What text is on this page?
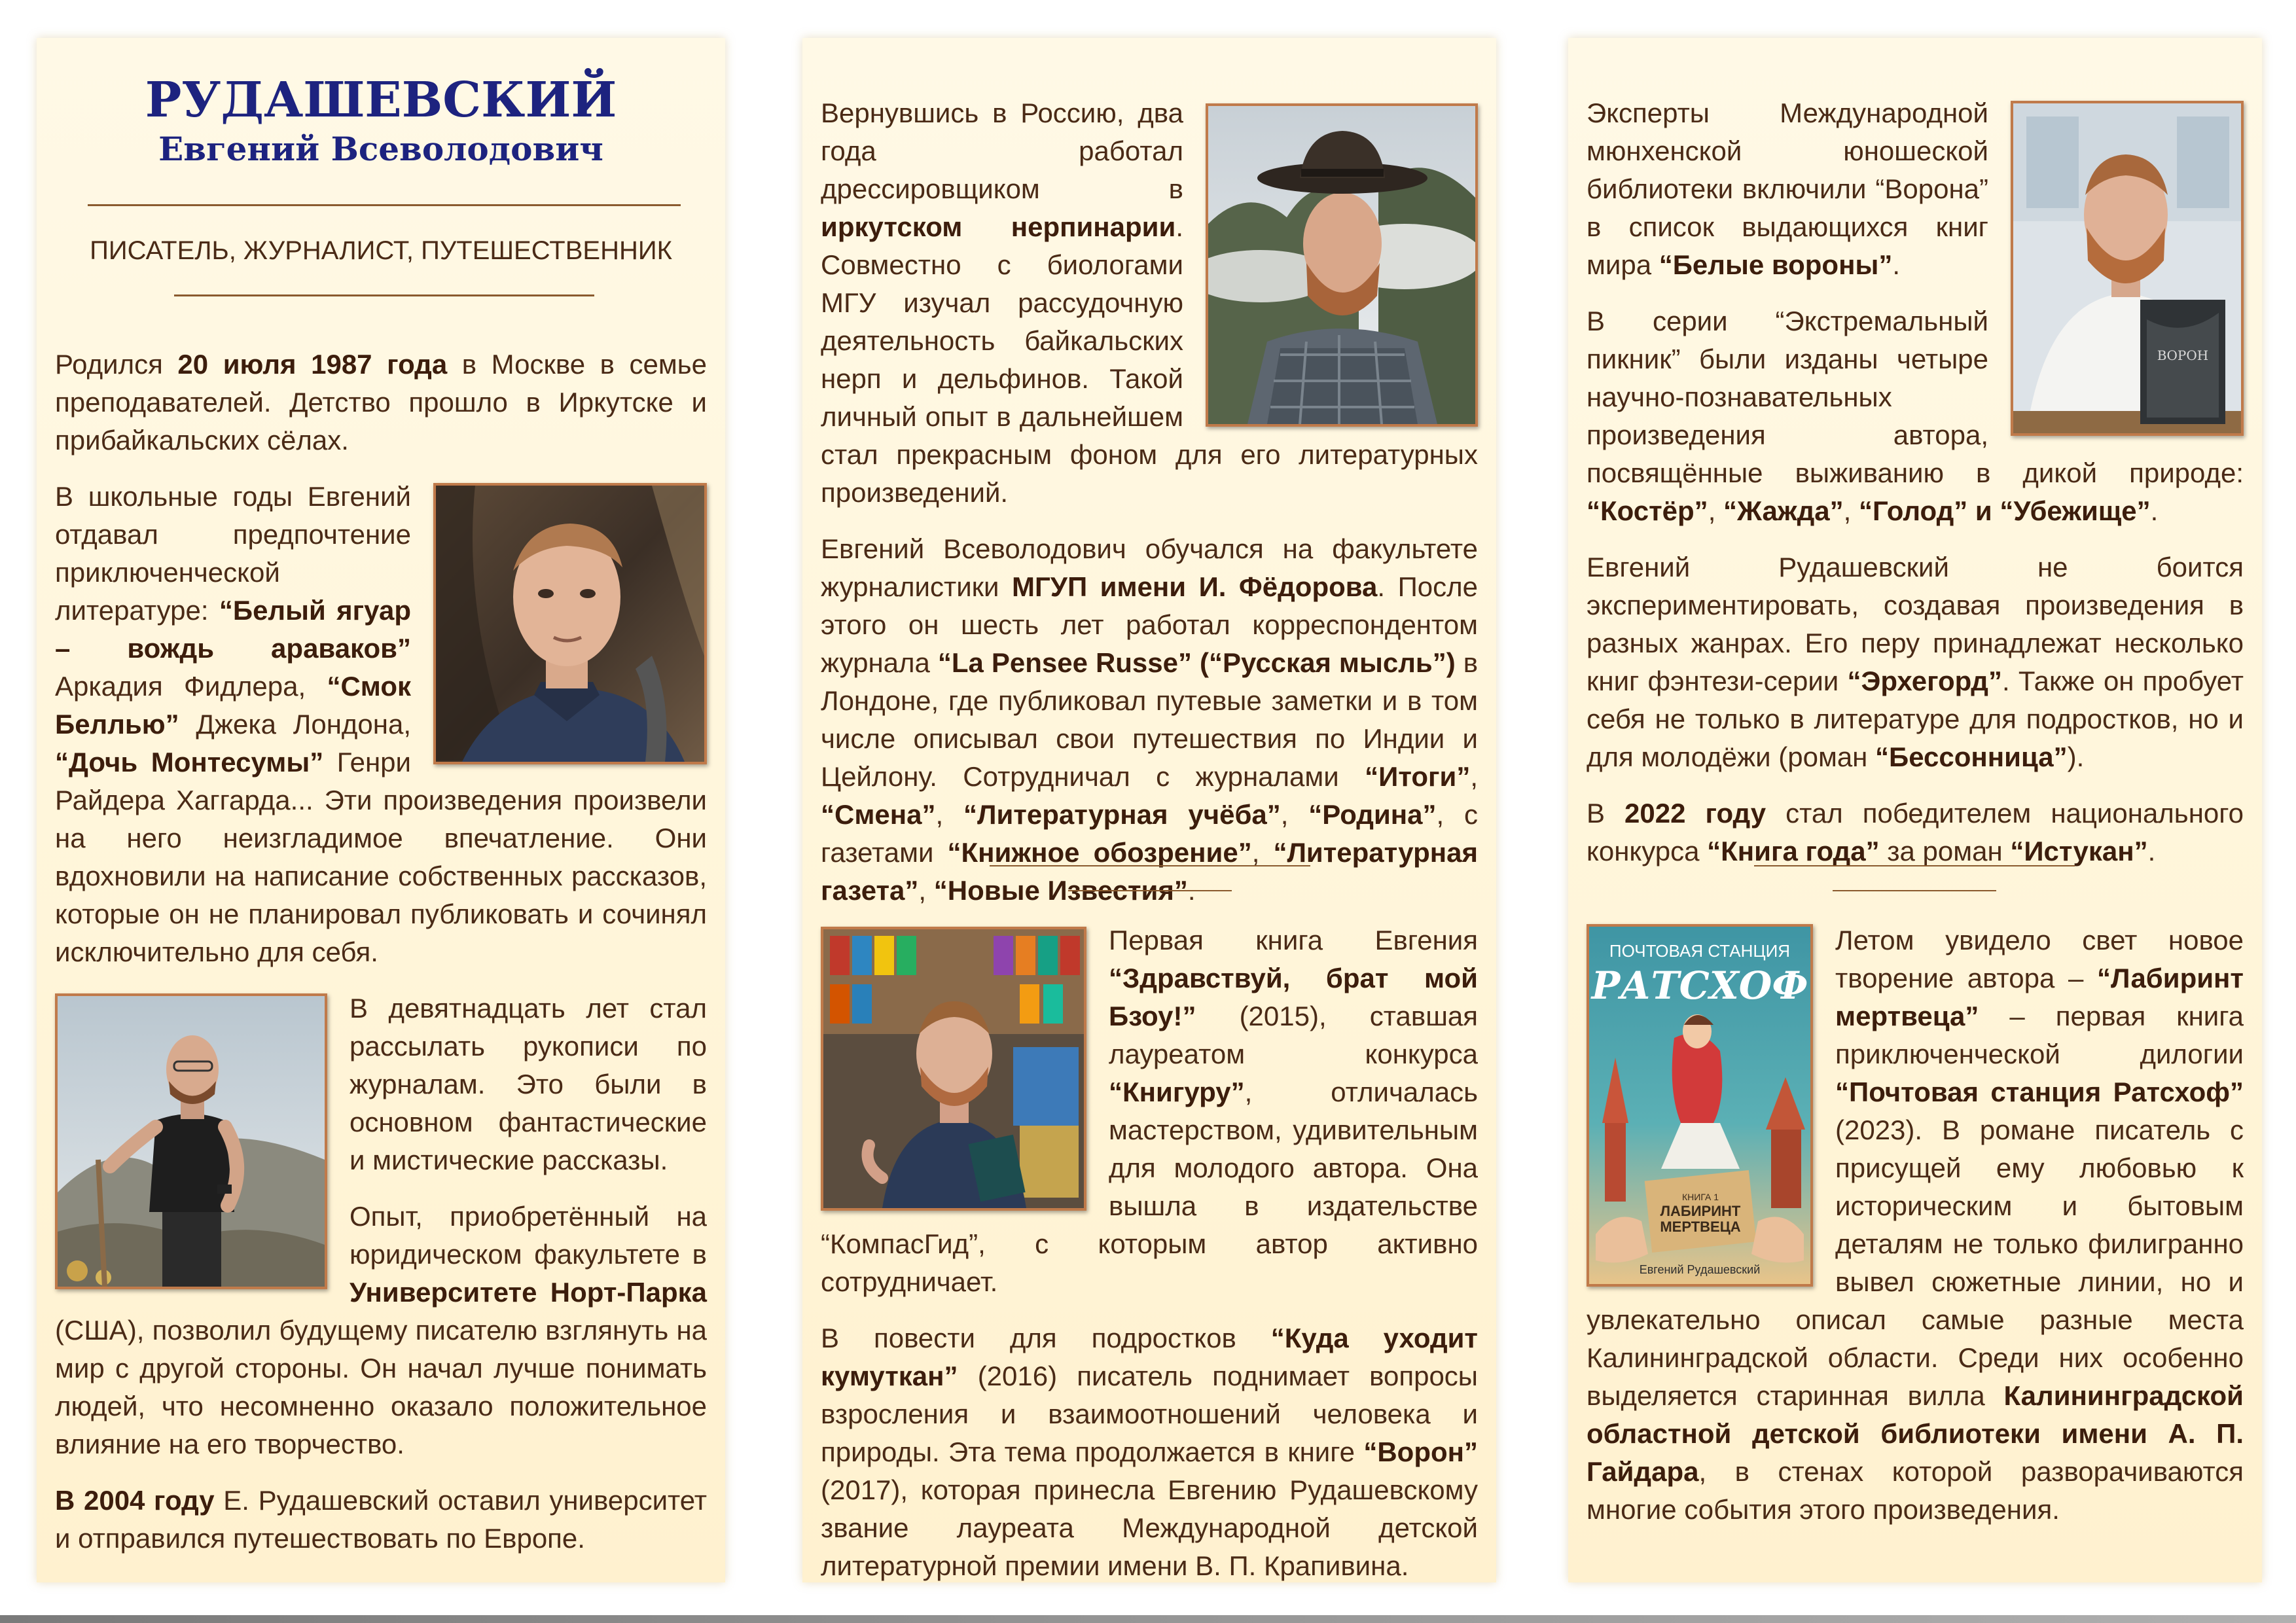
РУДАШЕВСКИЙ
Евгений Всеволодович
ПИСАТЕЛЬ, ЖУРНАЛИСТ, ПУТЕШЕСТВЕННИК

Родился 20 июля 1987 года в Москве в семье преподавателей. Детство прошло в Иркутске и прибайкальских сёлах.

В школьные годы Евгений отдавал предпочтение приключенческой литературе: “Белый ягуар – вождь араваков” Аркадия Фидлера, “Смок Беллью” Джека Лондона, “Дочь Монтесумы” Генри Райдера Хаггарда... Эти произведения произвели на него неизгладимое впечатление. Они вдохновили на написание собственных рассказов, которые он не планировал публиковать и сочинял исключительно для себя.

В девятнадцать лет стал рассылать рукописи по журналам. Это были в основном фантастические и мистические рассказы.

Опыт, приобретённый на юридическом факультете в Университете Норт-Парка (США), позволил будущему писателю взглянуть на мир с другой стороны. Он начал лучше понимать людей, что несомненно оказало положительное влияние на его творчество.

В 2004 году Е. Рудашевский оставил университет и отправился путешествовать по Европе.

Вернувшись в Россию, два года работал дрессировщиком в иркутском нерпинарии. Совместно с биологами МГУ изучал рассудочную деятельность байкальских нерп и дельфинов. Такой личный опыт в дальнейшем стал прекрасным фоном для его литературных произведений.

Евгений Всеволодович обучался на факультете журналистики МГУП имени И. Фёдорова. После этого он шесть лет работал корреспондентом журнала “La Pensee Russe” (“Русская мысль”) в Лондоне, где публиковал путевые заметки и в том числе описывал свои путешествия по Индии и Цейлону. Сотрудничал с журналами “Итоги”, “Смена”, “Литературная учёба”, “Родина”, с газетами “Книжное обозрение”, “Литературная газета”, “Новые Известия”.

Первая книга Евгения “Здравствуй, брат мой Бзоу!” (2015), ставшая лауреатом конкурса “Книгуру”, отличалась мастерством, удивительным для молодого автора. Она вышла в издательстве “КомпасГид”, с которым автор активно сотрудничает.

В повести для подростков “Куда уходит кумуткан” (2016) писатель поднимает вопросы взросления и взаимоотношений человека и природы. Эта тема продолжается в книге “Ворон” (2017), которая принесла Евгению Рудашевскому звание лауреата Международной детской литературной премии имени В. П. Крапивина.

ВОРОН

Эксперты Международной мюнхенской юношеской библиотеки включили “Ворона” в список выдающихся книг мира “Белые вороны”.

В серии “Экстремальный пикник” были изданы четыре научно-познавательных произведения автора, посвящённые выживанию в дикой природе: “Костёр”, “Жажда”, “Голод” и “Убежище”.

Евгений Рудашевский не боится экспериментировать, создавая произведения в разных жанрах. Его перу принадлежат несколько книг фэнтези-серии “Эрхегорд”. Также он пробует себя не только в литературе для подростков, но и для молодёжи (роман “Бессонница”).

В 2022 году стал победителем национального конкурса “Книга года” за роман “Истукан”.

ПОЧТОВАЯ СТАНЦИЯ
РАТСХОФ
КНИГА 1
ЛАБИРИНТ
МЕРТВЕЦА
Евгений Рудашевский

Летом увидело свет новое творение автора – “Лабиринт мертвеца” – первая книга приключенческой дилогии “Почтовая станция Ратсхоф” (2023). В романе писатель с присущей ему любовью к историческим и бытовым деталям не только филигранно вывел сюжетные линии, но и увлекательно описал самые разные места Калининградской области. Среди них особенно выделяется старинная вилла Калининградской областной детской библиотеки имени А. П. Гайдара, в стенах которой разворачиваются многие события этого произведения.
